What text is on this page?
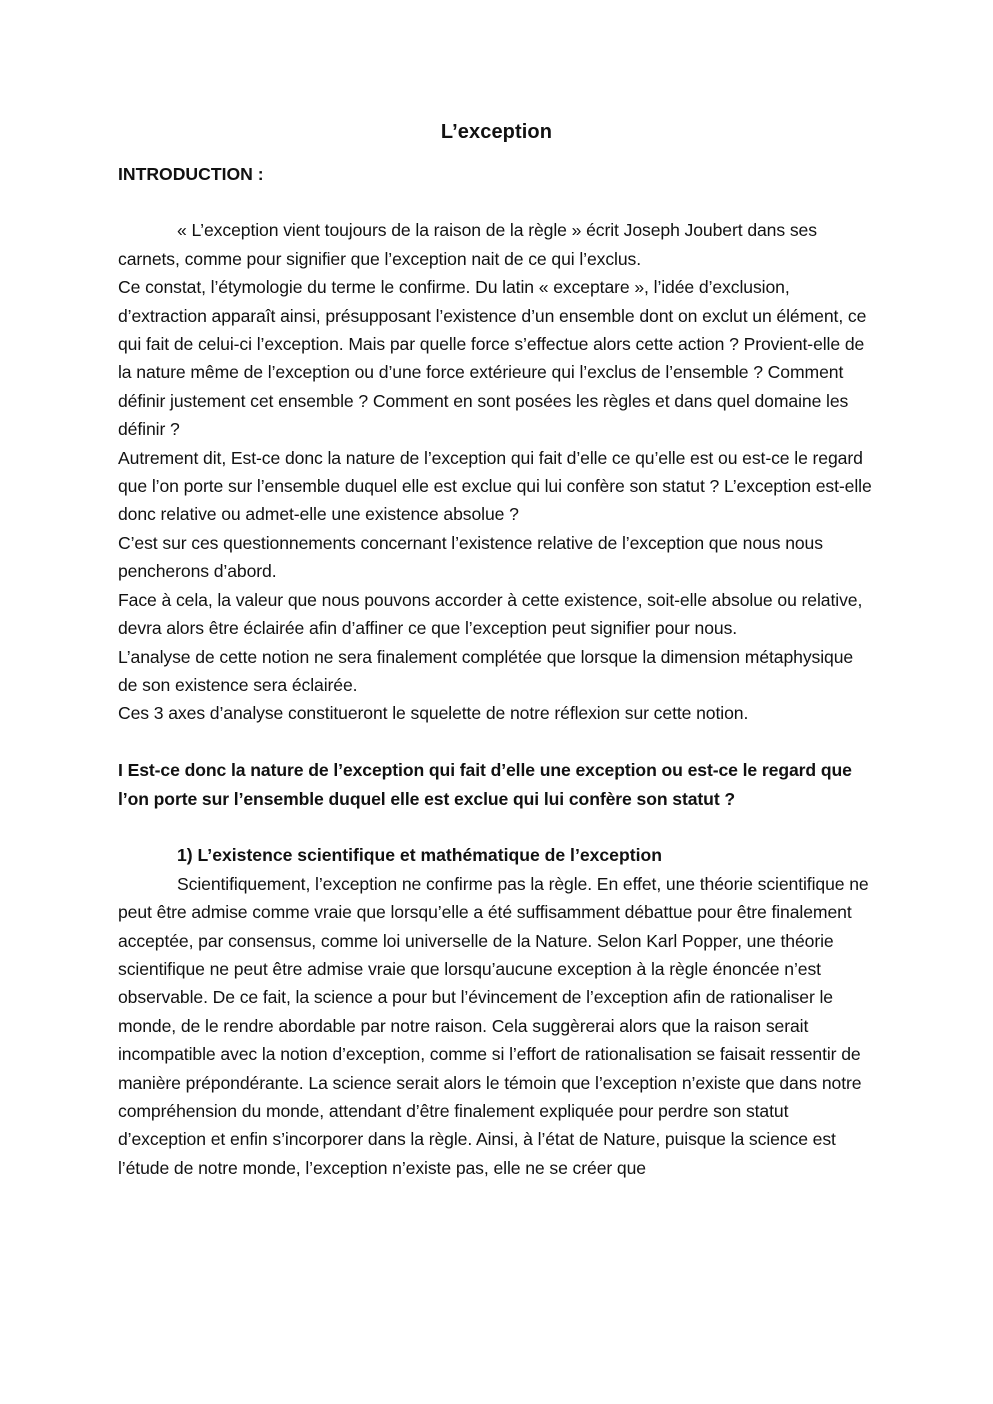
L’exception
INTRODUCTION :

« L’exception vient toujours de la raison de la règle » écrit Joseph Joubert dans ses carnets, comme pour signifier que l’exception nait de ce qui l’exclus.

Ce constat, l’étymologie du terme le confirme. Du latin « exceptare », l’idée d’exclusion, d’extraction apparaît ainsi, présupposant l’existence d’un ensemble dont on exclut un élément, ce qui fait de celui-ci l’exception. Mais par quelle force s’effectue alors cette action ? Provient-elle de la nature même de l’exception ou d’une force extérieure qui l’exclus de l’ensemble ? Comment définir justement cet ensemble ? Comment en sont posées les règles et dans quel domaine les définir ?

Autrement dit, Est-ce donc la nature de l’exception qui fait d’elle ce qu’elle est ou est-ce le regard que l’on porte sur l’ensemble duquel elle est exclue qui lui confère son statut ? L’exception est-elle donc relative ou admet-elle une existence absolue ?

C’est sur ces questionnements concernant l’existence relative de l’exception que nous nous pencherons d’abord.

Face à cela, la valeur que nous pouvons accorder à cette existence, soit-elle absolue ou relative, devra alors être éclairée afin d’affiner ce que l’exception peut signifier pour nous.

L’analyse de cette notion ne sera finalement complétée que lorsque la dimension métaphysique de son existence sera éclairée.

Ces 3 axes d’analyse constitueront le squelette de notre réflexion sur cette notion.

I Est-ce donc la nature de l’exception qui fait d’elle une exception ou est-ce le regard que l’on porte sur l’ensemble duquel elle est exclue qui lui confère son statut ?
1) L’existence scientifique et mathématique de l’exception

Scientifiquement, l’exception ne confirme pas la règle. En effet, une théorie scientifique ne peut être admise comme vraie que lorsqu’elle a été suffisamment débattue pour être finalement acceptée, par consensus, comme loi universelle de la Nature. Selon Karl Popper, une théorie scientifique ne peut être admise vraie que lorsqu’aucune exception à la règle énoncée n’est observable. De ce fait, la science a pour but l’évincement de l’exception afin de rationaliser le monde, de le rendre abordable par notre raison. Cela suggèrerai alors que la raison serait incompatible avec la notion d’exception, comme si l’effort de rationalisation se faisait ressentir de manière prépondérante. La science serait alors le témoin que l’exception n’existe que dans notre compréhension du monde, attendant d’être finalement expliquée pour perdre son statut d’exception et enfin s’incorporer dans la règle. Ainsi, à l’état de Nature, puisque la science est l’étude de notre monde, l’exception n’existe pas, elle ne se créer que
